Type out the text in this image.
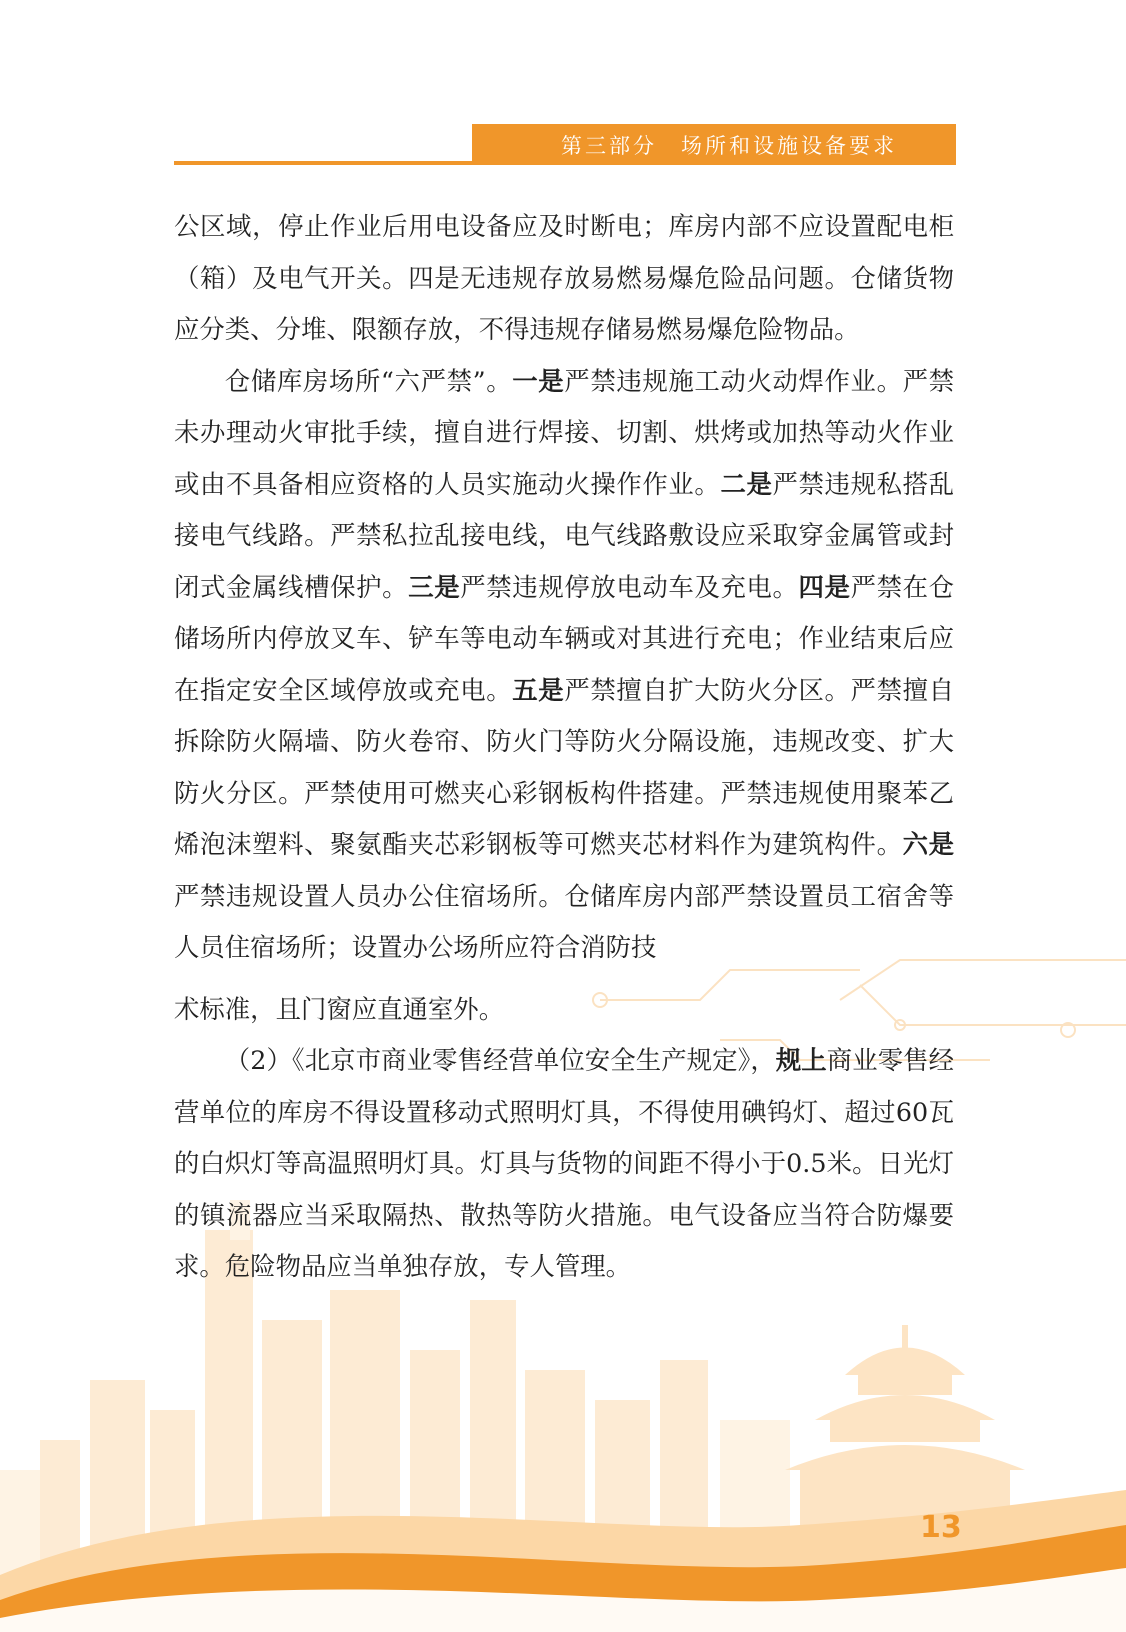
第三部分　场所和设施设备要求

公区域，停止作业后用电设备应及时断电；库房内部不应设置配电柜（箱）及电气开关。四是无违规存放易燃易爆危险品问题。仓储货物应分类、分堆、限额存放，不得违规存储易燃易爆危险物品。

仓储库房场所“六严禁”。一是严禁违规施工动火动焊作业。严禁未办理动火审批手续，擅自进行焊接、切割、烘烤或加热等动火作业或由不具备相应资格的人员实施动火操作作业。二是严禁违规私搭乱接电气线路。严禁私拉乱接电线，电气线路敷设应采取穿金属管或封闭式金属线槽保护。三是严禁违规停放电动车及充电。四是严禁在仓储场所内停放叉车、铲车等电动车辆或对其进行充电；作业结束后应在指定安全区域停放或充电。五是严禁擅自扩大防火分区。严禁擅自拆除防火隔墙、防火卷帘、防火门等防火分隔设施，违规改变、扩大防火分区。严禁使用可燃夹心彩钢板构件搭建。严禁违规使用聚苯乙烯泡沫塑料、聚氨酯夹芯彩钢板等可燃夹芯材料作为建筑构件。六是严禁违规设置人员办公住宿场所。仓储库房内部严禁设置员工宿舍等人员住宿场所；设置办公场所应符合消防技

术标准，且门窗应直通室外。

（2）《北京市商业零售经营单位安全生产规定》，规上商业零售经营单位的库房不得设置移动式照明灯具，不得使用碘钨灯、超过60瓦的白炽灯等高温照明灯具。灯具与货物的间距不得小于0.5米。日光灯的镇流器应当采取隔热、散热等防火措施。电气设备应当符合防爆要求。危险物品应当单独存放，专人管理。

13
